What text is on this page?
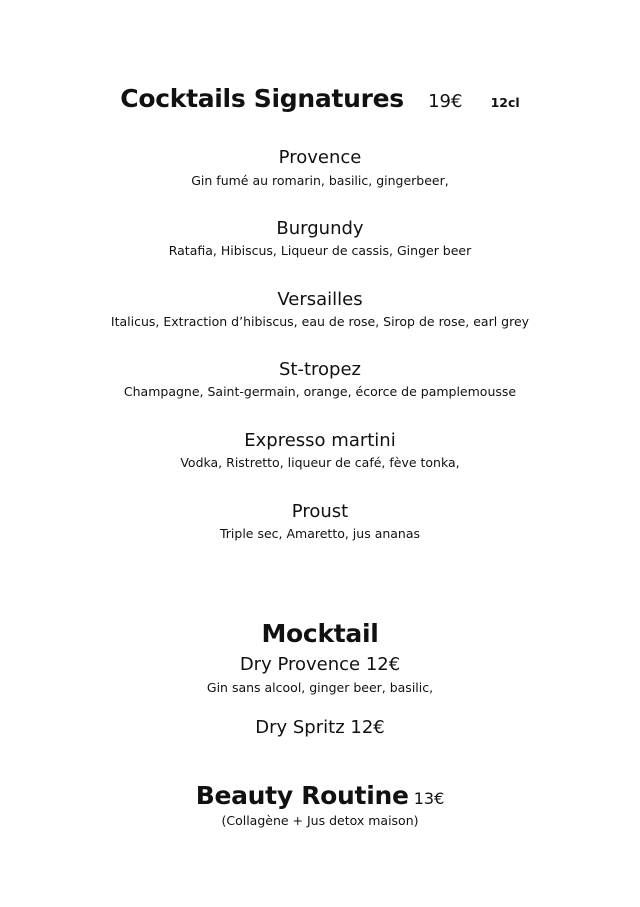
Cocktails Signatures 19€ 12cl
Provence
Gin fumé au romarin, basilic, gingerbeer,
Burgundy
Ratafia, Hibiscus, Liqueur de cassis, Ginger beer
Versailles
Italicus, Extraction d’hibiscus, eau de rose, Sirop de rose, earl grey
St-tropez
Champagne, Saint-germain, orange, écorce de pamplemousse
Expresso martini
Vodka, Ristretto, liqueur de café, fève tonka,
Proust
Triple sec, Amaretto, jus ananas
Mocktail
Dry Provence 12€
Gin sans alcool, ginger beer, basilic,
Dry Spritz 12€
Beauty Routine 13€
(Collagène + Jus detox maison)
